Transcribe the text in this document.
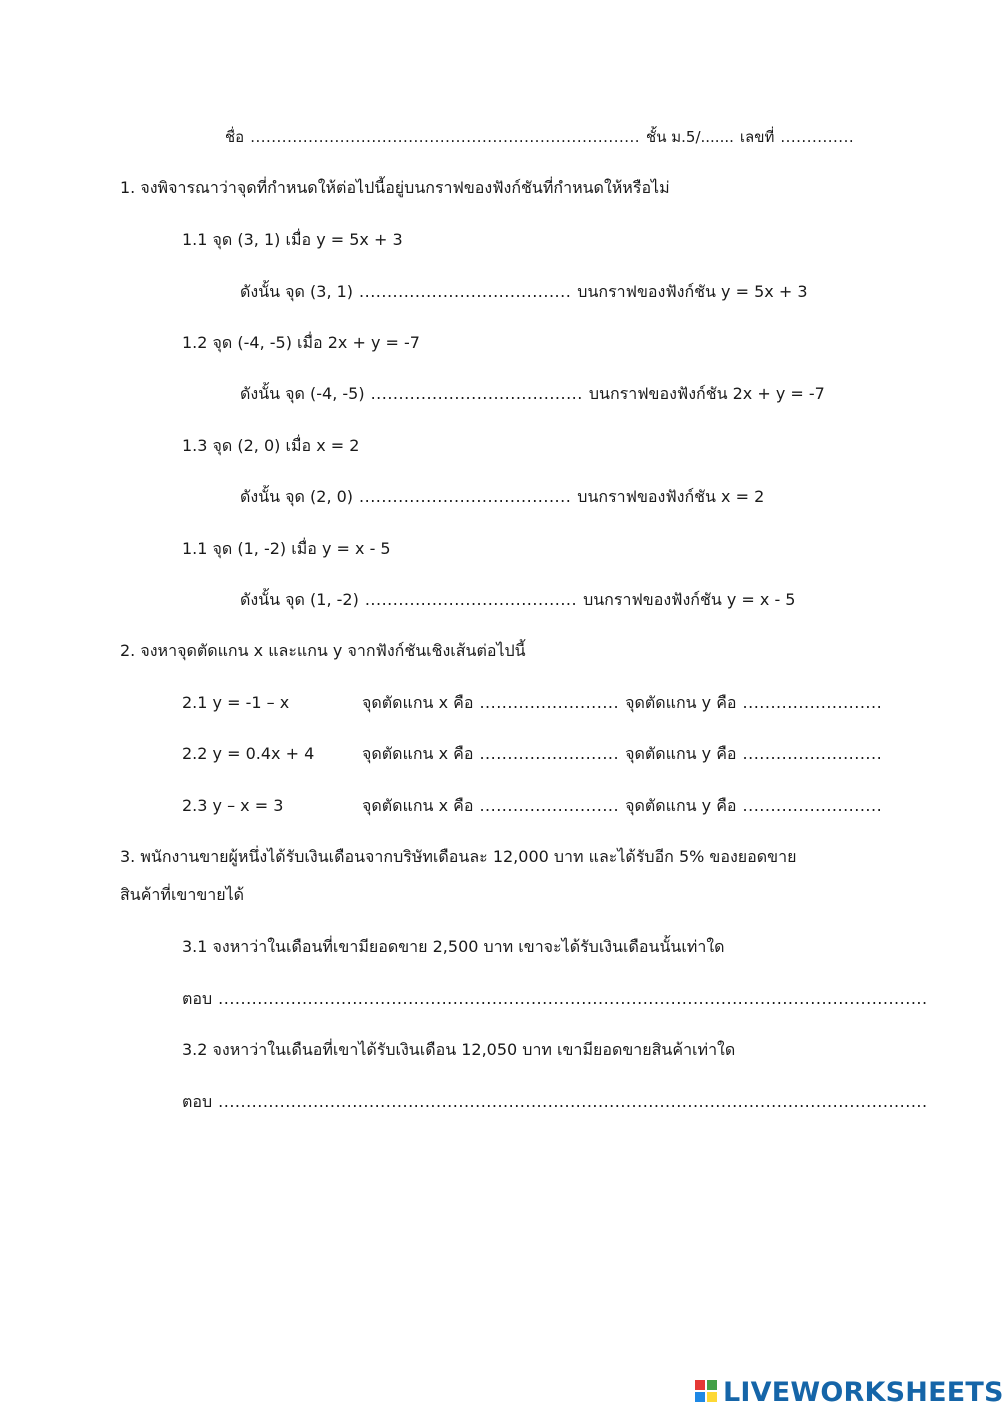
ชื่อ .......................................................................... ชั้น ม.5/....... เลขที่ ..............
1. จงพิจารณาว่าจุดที่กำหนดให้ต่อไปนี้อยู่บนกราฟของฟังก์ชันที่กำหนดให้หรือไม่
1.1 จุด (3, 1) เมื่อ y = 5x + 3
ดังนั้น จุด (3, 1) ...................................... บนกราฟของฟังก์ชัน y = 5x + 3
1.2 จุด (-4, -5) เมื่อ 2x + y = -7
ดังนั้น จุด (-4, -5) ...................................... บนกราฟของฟังก์ชัน 2x + y = -7
1.3 จุด (2, 0) เมื่อ x = 2
ดังนั้น จุด (2, 0) ...................................... บนกราฟของฟังก์ชัน x = 2
1.1 จุด (1, -2) เมื่อ y = x - 5
ดังนั้น จุด (1, -2) ...................................... บนกราฟของฟังก์ชัน y = x - 5
2. จงหาจุดตัดแกน x และแกน y จากฟังก์ชันเชิงเส้นต่อไปนี้
2.1 y = -1 – x	จุดตัดแกน x คือ ......................... จุดตัดแกน y คือ .........................
2.2 y = 0.4x + 4	จุดตัดแกน x คือ ......................... จุดตัดแกน y คือ .........................
2.3 y – x = 3	จุดตัดแกน x คือ ......................... จุดตัดแกน y คือ .........................
3. พนักงานขายผู้หนึ่งได้รับเงินเดือนจากบริษัทเดือนละ 12,000 บาท และได้รับอีก 5% ของยอดขาย
สินค้าที่เขาขายได้
3.1 จงหาว่าในเดือนที่เขามียอดขาย 2,500 บาท เขาจะได้รับเงินเดือนนั้นเท่าใด
ตอบ ...............................................................................................................................
3.2 จงหาว่าในเดืนอที่เขาได้รับเงินเดือน 12,050 บาท เขามียอดขายสินค้าเท่าใด
ตอบ ...............................................................................................................................
LIVEWORKSHEETS
